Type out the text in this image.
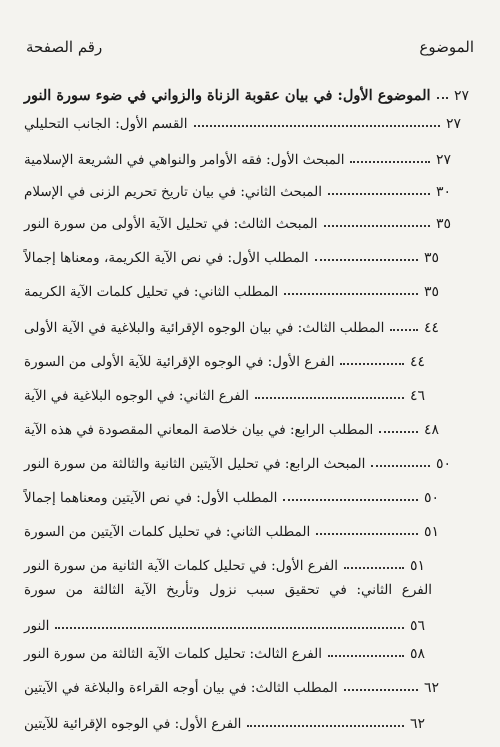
الموضوع
رقم الصفحة
الموضوع الأول: في بيان عقوبة الزناة والزواني في ضوء سورة النور ٢٧
القسم الأول: الجانب التحليلي	٢٧
المبحث الأول: فقه الأوامر والنواهي في الشريعة الإسلامية	٢٧
المبحث الثاني: في بيان تاريخ تحريم الزنى في الإسلام	٣٠
المبحث الثالث: في تحليل الآية الأولى من سورة النور	٣٥
المطلب الأول: في نص الآية الكريمة، ومعناها إجمالاً	٣٥
المطلب الثاني: في تحليل كلمات الآية الكريمة	٣٥
المطلب الثالث: في بيان الوجوه الإقرائية والبلاغية في الآية الأولى	٤٤
الفرع الأول: في الوجوه الإقرائية للآية الأولى من السورة	٤٤
الفرع الثاني: في الوجوه البلاغية في الآية	٤٦
المطلب الرابع: في بيان خلاصة المعاني المقصودة في هذه الآية	٤٨
المبحث الرابع: في تحليل الآيتين الثانية والثالثة من سورة النور	٥٠
المطلب الأول: في نص الآيتين ومعناهما إجمالاً	٥٠
المطلب الثاني: في تحليل كلمات الآيتين من السورة	٥١
الفرع الأول: في تحليل كلمات الآية الثانية من سورة النور	٥١
الفرع الثاني: في تحقيق سبب نزول وتأريخ الآية الثالثة من سورة
النور	٥٦
الفرع الثالث: تحليل كلمات الآية الثالثة من سورة النور	٥٨
المطلب الثالث: في بيان أوجه القراءة والبلاغة في الآيتين	٦٢
الفرع الأول: في الوجوه الإقرائية للآيتين	٦٢
